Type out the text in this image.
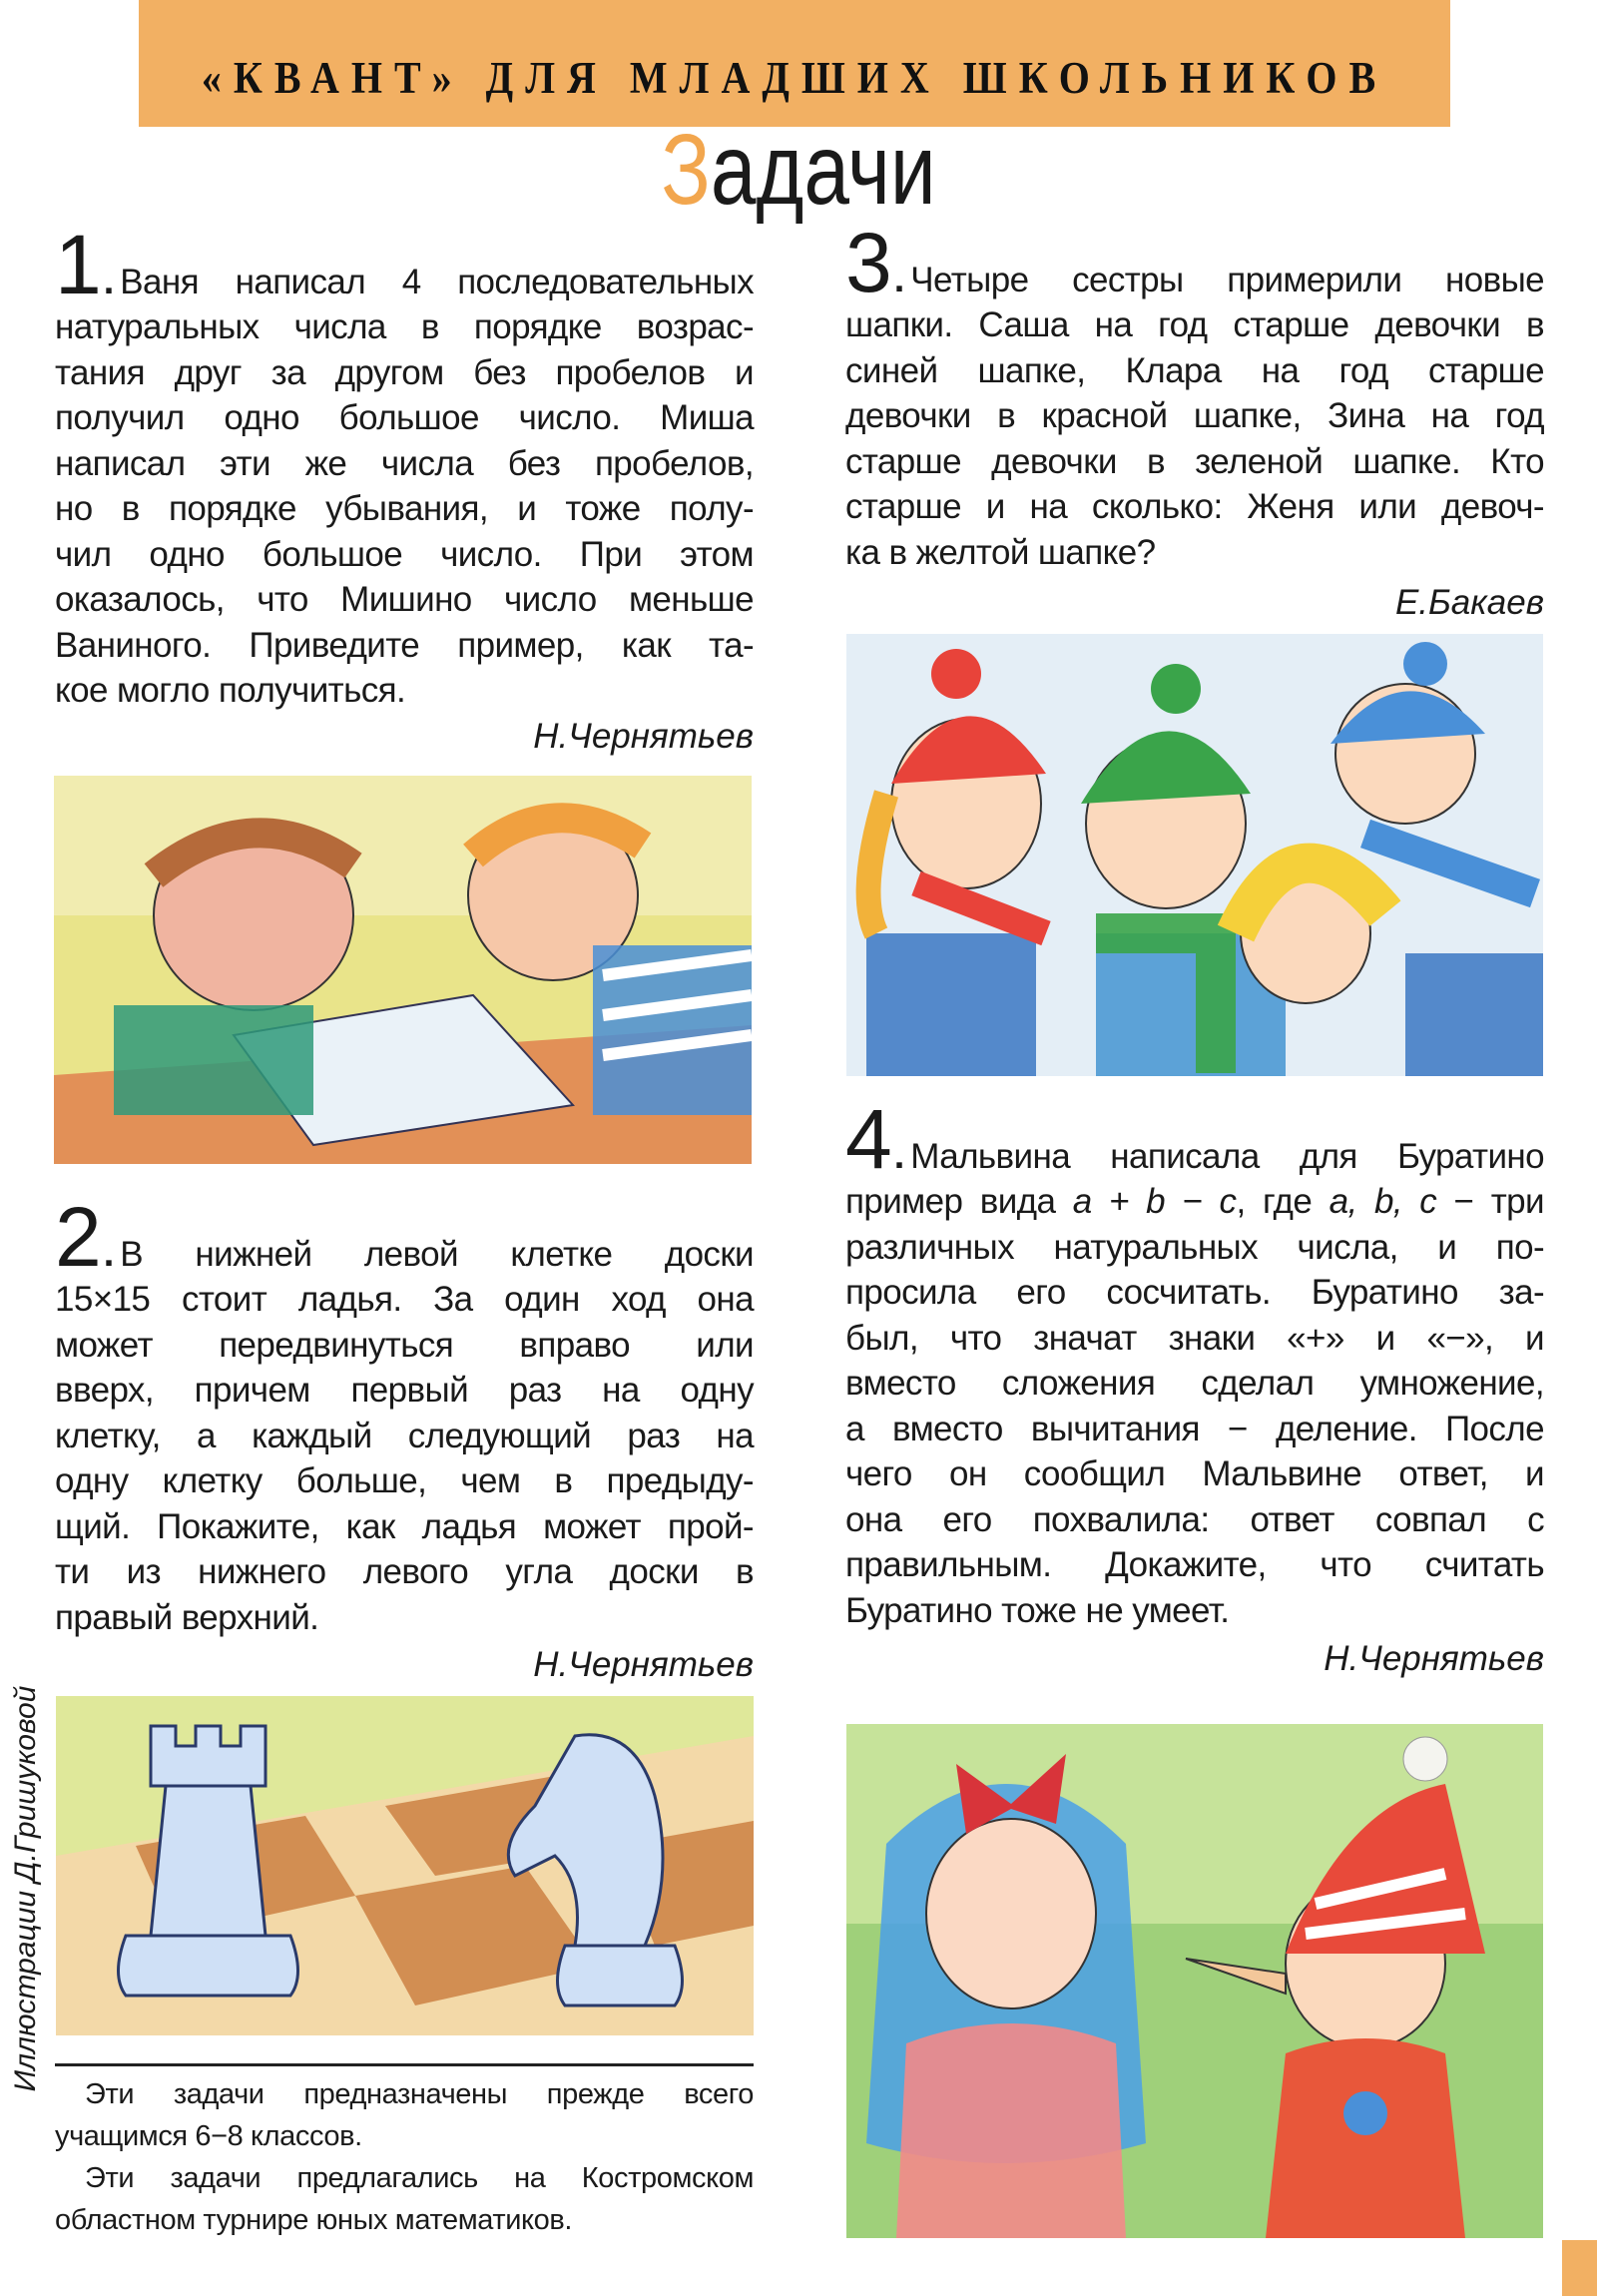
«КВАНТ» ДЛЯ МЛАДШИХ ШКОЛЬНИКОВ
Задачи
1. Ваня написал 4 последовательных
натуральных числа в порядке возрас-
тания друг за другом без пробелов и
получил одно большое число. Миша
написал эти же числа без пробелов,
но в порядке убывания, и тоже полу-
чил одно большое число. При этом
оказалось, что Мишино число меньше
Ваниного. Приведите пример, как та-
кое могло получиться.
Н.Чернятьев
2. В нижней левой клетке доски
15×15 стоит ладья. За один ход она
может передвинуться вправо или
вверх, причем первый раз на одну
клетку, а каждый следующий раз на
одну клетку больше, чем в предыду-
щий. Покажите, как ладья может прой-
ти из нижнего левого угла доски в
правый верхний.
Н.Чернятьев
Эти задачи предназначены прежде всего
учащимся 6−8 классов.
Эти задачи предлагались на Костромском
областном турнире юных математиков.
Иллюстрации Д.Гришуковой
3. Четыре сестры примерили новые
шапки. Саша на год старше девочки в
синей шапке, Клара на год старше
девочки в красной шапке, Зина на год
старше девочки в зеленой шапке. Кто
старше и на сколько: Женя или девоч-
ка в желтой шапке?
Е.Бакаев
4. Мальвина написала для Буратино
пример вида a + b − c, где a, b, c − три
различных натуральных числа, и по-
просила его сосчитать. Буратино за-
был, что значат знаки «+» и «−», и
вместо сложения сделал умножение,
а вместо вычитания − деление. После
чего он сообщил Мальвине ответ, и
она его похвалила: ответ совпал с
правильным. Докажите, что считать
Буратино тоже не умеет.
Н.Чернятьев
